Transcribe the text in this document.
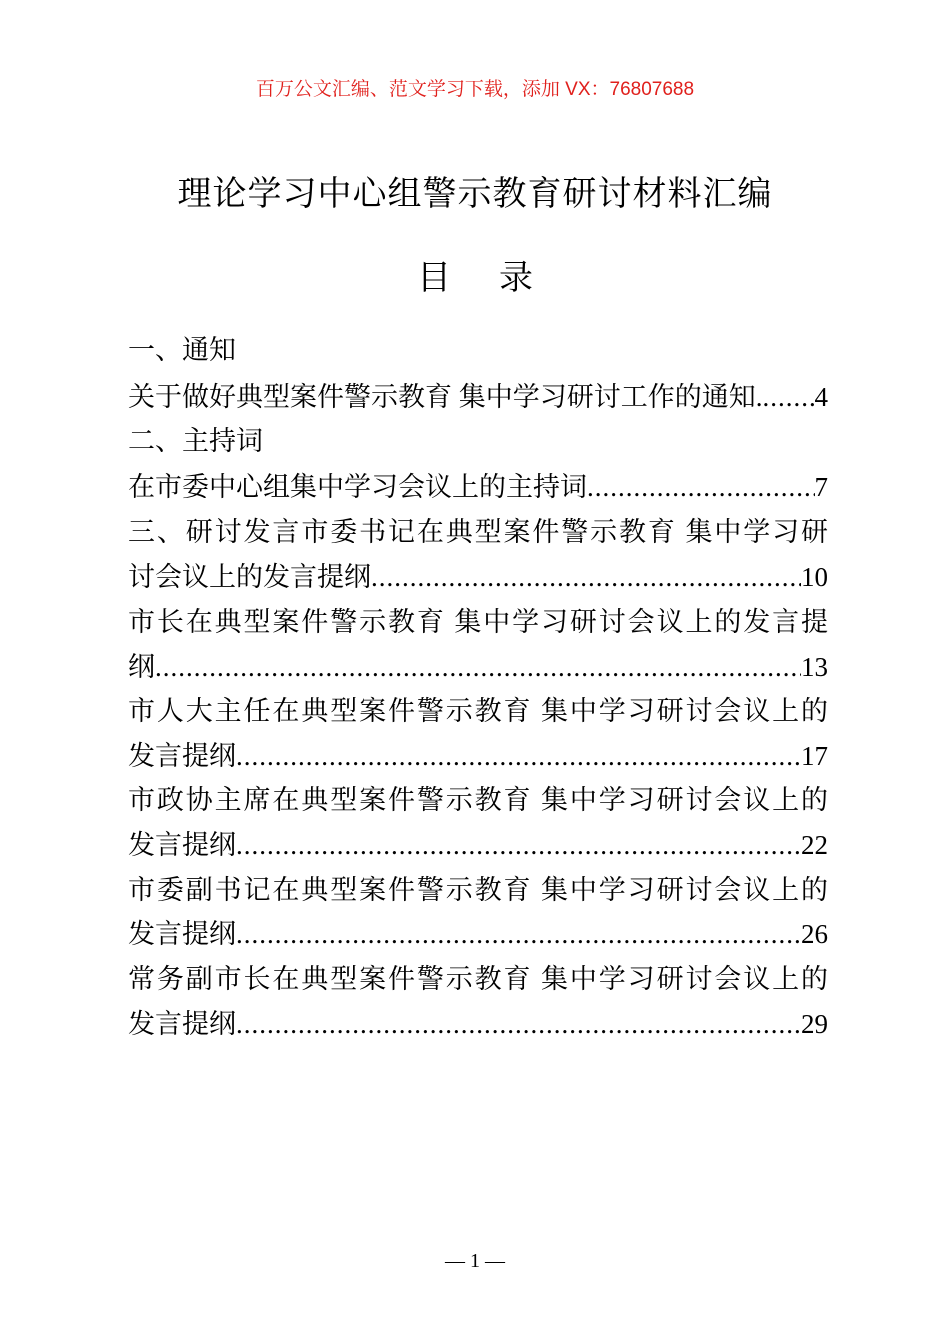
百万公文汇编、范文学习下载，添加 VX：76807688
理论学习中心组警示教育研讨材料汇编
目 录
一、通知
关于做好典型案件警示教育 集中学习研讨工作的通知. ..... 4
二、主持词
在市委中心组集中学习会议上的主持词 .....	7
三、研讨发言市委书记在典型案件警示教育 集中学习研
讨会议上的发言提纲 .....	10
市长在典型案件警示教育 集中学习研讨会议上的发言提
纲 .....	13
市人大主任在典型案件警示教育 集中学习研讨会议上的
发言提纲 .....	17
市政协主席在典型案件警示教育 集中学习研讨会议上的
发言提纲 .....	22
市委副书记在典型案件警示教育 集中学习研讨会议上的
发言提纲 .....	26
常务副市长在典型案件警示教育 集中学习研讨会议上的
发言提纲 .....	29
— 1 —
